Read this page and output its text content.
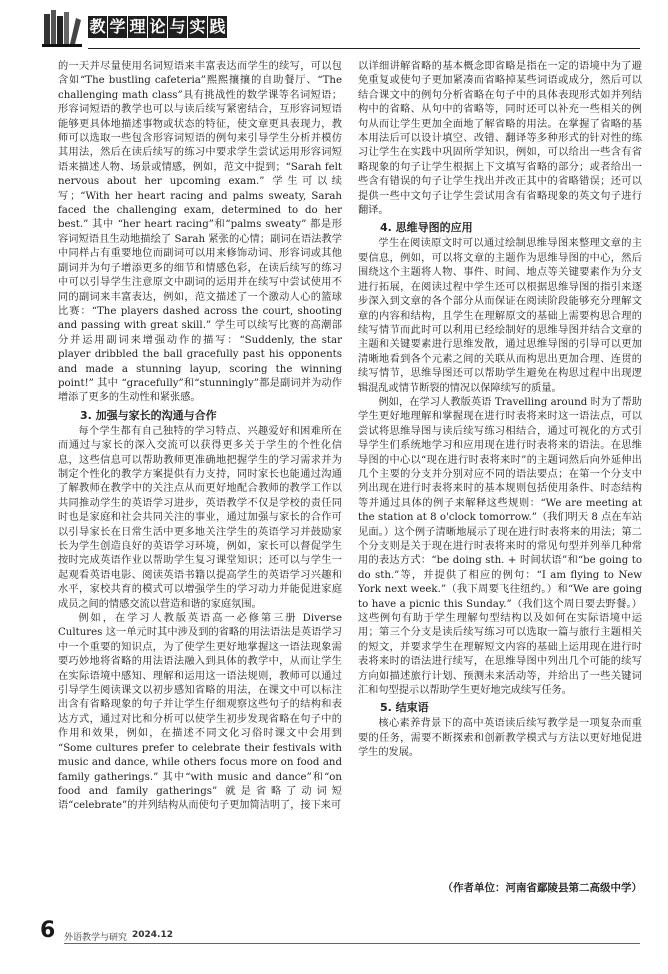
教 学 理 论 与 实 践

的一天并尽量使用名词短语来丰富表达而学生的续写，可以包含如“The bustling cafeteria”熙熙攘攘的自助餐厅、“The challenging math class”具有挑战性的数学课等名词短语；形容词短语的教学也可以与读后续写紧密结合，互形容词短语能够更具体地描述事物或状态的特征，使文章更具表现力，教师可以选取一些包含形容词短语的例句来引导学生分析并模仿其用法，然后在读后续写的练习中要求学生尝试运用形容词短语来描述人物、场景或情感，例如，范文中提到；“Sarah felt nervous about her upcoming exam.” 学生可以续写；“With her heart racing and palms sweaty, Sarah faced the challenging exam, determined to do her best.” 其中 “her heart racing”和“palms sweaty” 都是形容词短语且生动地描绘了 Sarah 紧张的心情；副词在语法教学中同样占有重要地位而副词可以用来修饰动词、形容词或其他副词并为句子增添更多的细节和情感色彩，在读后续写的练习中可以引导学生注意原文中副词的运用并在续写中尝试使用不同的副词来丰富表达，例如，范文描述了一个激动人心的篮球比赛：“The players dashed across the court, shooting and passing with great skill.” 学生可以续写比赛的高潮部分并运用副词来增强动作的描写：“Suddenly, the star player dribbled the ball gracefully past his opponents and made a stunning layup, scoring the winning point!” 其中 “gracefully”和“stunningly”都是副词并为动作增添了更多的生动性和紧张感。

3. 加强与家长的沟通与合作

每个学生都有自己独特的学习特点、兴趣爱好和困难所在而通过与家长的深入交流可以获得更多关于学生的个性化信息，这些信息可以帮助教师更准确地把握学生的学习需求并为制定个性化的教学方案提供有力支持，同时家长也能通过沟通了解教师在教学中的关注点从而更好地配合教师的教学工作以共同推动学生的英语学习进步，英语教学不仅是学校的责任同时也是家庭和社会共同关注的事业，通过加强与家长的合作可以引导家长在日常生活中更多地关注学生的英语学习并鼓励家长为学生创造良好的英语学习环境，例如，家长可以督促学生按时完成英语作业以帮助学生复习课堂知识；还可以与学生一起观看英语电影、阅读英语书籍以提高学生的英语学习兴趣和水平，家校共育的模式可以增强学生的学习动力并能促进家庭成员之间的情感交流以营造和谐的家庭氛围。

例如，在学习人教版英语高一必修第三册 Diverse Cultures 这一单元时其中涉及到的省略的用法语法是英语学习中一个重要的知识点，为了使学生更好地掌握这一语法现象需要巧妙地将省略的用法语法融入到具体的教学中，从而让学生在实际语境中感知、理解和运用这一语法规则，教师可以通过引导学生阅读课文以初步感知省略的用法，在课文中可以标注出含有省略现象的句子并让学生仔细观察这些句子的结构和表达方式，通过对比和分析可以使学生初步发现省略在句子中的作用和效果，例如，在描述不同文化习俗时课文中会用到 “Some cultures prefer to celebrate their festivals with music and dance, while others focus more on food and family gatherings.” 其中“with music and dance”和“on food and family gatherings” 就是省略了动词短语“celebrate”的并列结构从而使句子更加简洁明了，接下来可

以详细讲解省略的基本概念即省略是指在一定的语境中为了避免重复或使句子更加紧凑而省略掉某些词语或成分，然后可以结合课文中的例句分析省略在句子中的具体表现形式如并列结构中的省略、从句中的省略等，同时还可以补充一些相关的例句从而让学生更加全面地了解省略的用法。在掌握了省略的基本用法后可以设计填空、改错、翻译等多种形式的针对性的练习让学生在实践中巩固所学知识，例如，可以给出一些含有省略现象的句子让学生根据上下文填写省略的部分；或者给出一些含有错误的句子让学生找出并改正其中的省略错误；还可以提供一些中文句子让学生尝试用含有省略现象的英文句子进行翻译。

4. 思维导图的应用

学生在阅读原文时可以通过绘制思维导图来整理文章的主要信息，例如，可以将文章的主题作为思维导图的中心，然后围绕这个主题将人物、事件、时间、地点等关键要素作为分支进行拓展，在阅读过程中学生还可以根据思维导图的指引来逐步深入到文章的各个部分从而保证在阅读阶段能够充分理解文章的内容和结构，且学生在理解原文的基础上需要构思合理的续写情节而此时可以利用已经绘制好的思维导图并结合文章的主题和关键要素进行思维发散，通过思维导图的引导可以更加清晰地看到各个元素之间的关联从而构思出更加合理、连贯的续写情节，思维导图还可以帮助学生避免在构思过程中出现逻辑混乱或情节断裂的情况以保障续写的质量。

例如，在学习人教版英语 Travelling around 时为了帮助学生更好地理解和掌握现在进行时表将来时这一语法点，可以尝试将思维导图与读后续写练习相结合，通过可视化的方式引导学生们系统地学习和应用现在进行时表将来的语法。在思维导图的中心以“现在进行时表将来时”的主题词然后向外延伸出几个主要的分支并分别对应不同的语法要点；在第一个分支中列出现在进行时表将来时的基本规则包括使用条件、时态结构等并通过具体的例子来解释这些规则：“We are meeting at the station at 8 o'clock tomorrow.”（我们明天 8 点在车站见面。）这个例子清晰地展示了现在进行时表将来的用法；第二个分支则是关于现在进行时表将来时的常见句型并列举几种常用的表达方式：“be doing sth. + 时间状语”和“be going to do sth.”等，并提供了相应的例句：“I am flying to New York next week.”（我下周要飞往纽约。）和“We are going to have a picnic this Sunday.”（我们这个周日要去野餐。）这些例句有助于学生理解句型结构以及如何在实际语境中运用；第三个分支是读后续写练习可以选取一篇与旅行主题相关的短文，并要求学生在理解短文内容的基础上运用现在进行时表将来时的语法进行续写，在思维导图中列出几个可能的续写方向如描述旅行计划、预测未来活动等，并给出了一些关键词汇和句型提示以帮助学生更好地完成续写任务。

5. 结束语

核心素养背景下的高中英语读后续写教学是一项复杂而重要的任务，需要不断探索和创新教学模式与方法以更好地促进学生的发展。

（作者单位：河南省鄢陵县第二高级中学）
6 外语教学与研究 2024.12
